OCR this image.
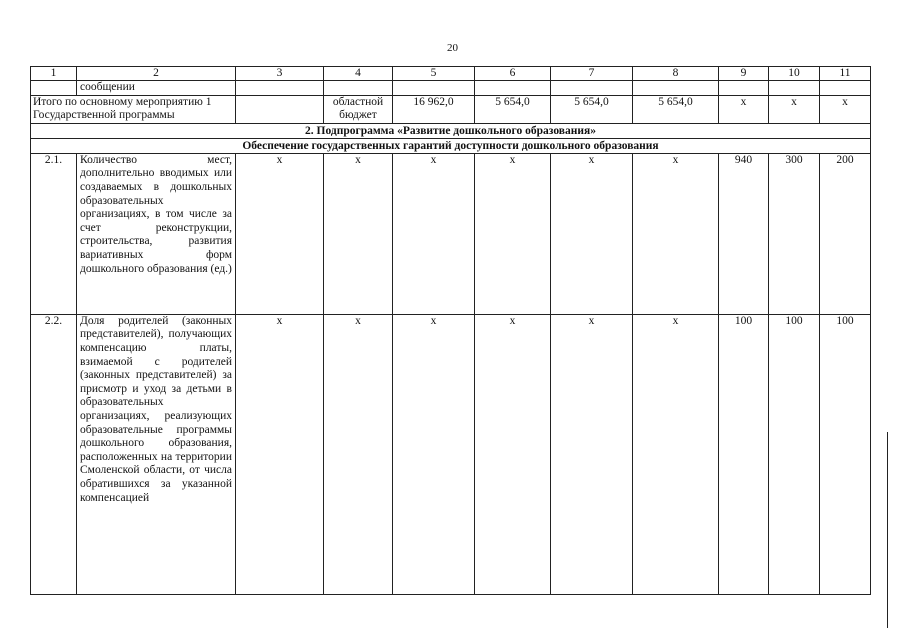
20
1	2	3	4	5	6	7	8	9	10	11
	сообщении									
Итого по основному мероприятию 1 Государственной программы			областной бюджет	16 962,0	5 654,0	5 654,0	5 654,0	х	х	х
2. Подпрограмма «Развитие дошкольного образования»										
Обеспечение государственных гарантий доступности дошкольного образования										
2.1.	Количество мест, дополнительно вводимых или создаваемых в дошкольных образовательных организациях, в том числе за счет реконструкции, строительства, развития вариативных форм дошкольного образования (ед.)	х	х	х	х	х	х	940	300	200
2.2.	Доля родителей (законных представителей), получающих компенсацию платы, взимаемой с родителей (законных представителей) за присмотр и уход за детьми в образовательных организациях, реализующих образовательные программы дошкольного образования, расположенных на территории Смоленской области, от числа обратившихся за указанной компенсацией	х	х	х	х	х	х	100	100	100
